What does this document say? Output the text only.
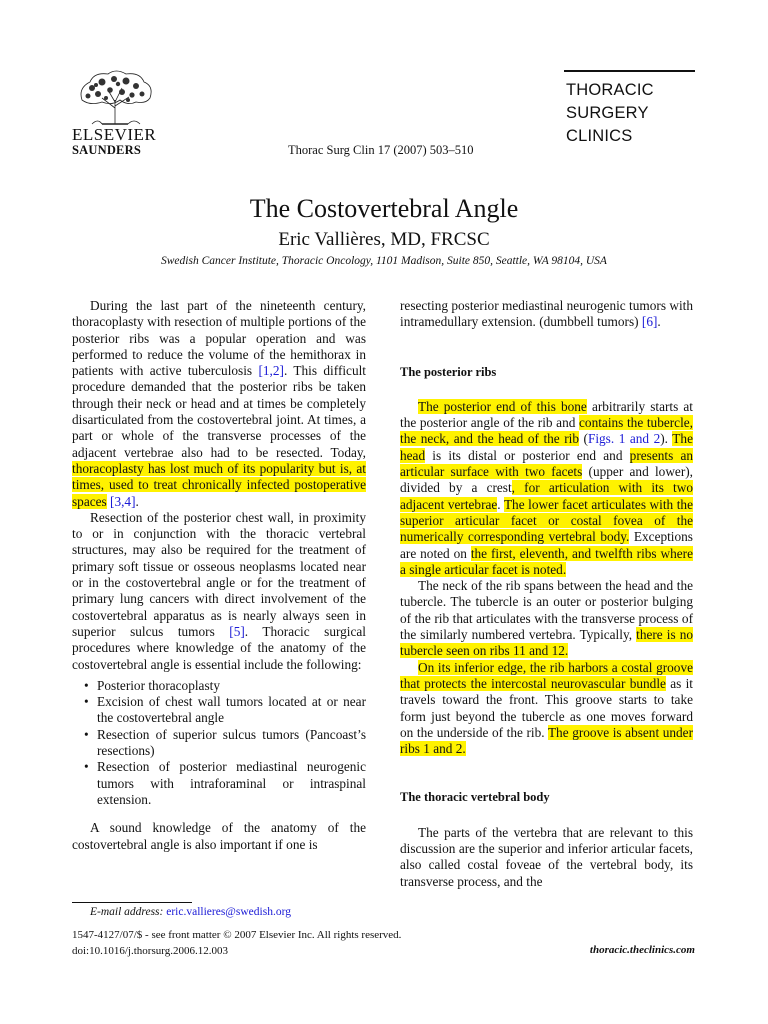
ELSEVIER
SAUNDERS	Thorac Surg Clin 17 (2007) 503–510
THORACIC
SURGERY
CLINICS
The Costovertebral Angle
Eric Vallières, MD, FRCSC
Swedish Cancer Institute, Thoracic Oncology, 1101 Madison, Suite 850, Seattle, WA 98104, USA

During the last part of the nineteenth century, thoracoplasty with resection of multiple portions of the posterior ribs was a popular operation and was performed to reduce the volume of the hemithorax in patients with active tuberculosis [1,2]. This difficult procedure demanded that the posterior ribs be taken through their neck or head and at times be completely disarticulated from the costovertebral joint. At times, a part or whole of the transverse processes of the adjacent vertebrae also had to be resected. Today, thoracoplasty has lost much of its popularity but is, at times, used to treat chronically infected postoperative spaces [3,4].

Resection of the posterior chest wall, in proximity to or in conjunction with the thoracic vertebral structures, may also be required for the treatment of primary soft tissue or osseous neoplasms located near or in the costovertebral angle or for the treatment of primary lung cancers with direct involvement of the costovertebral apparatus as is nearly always seen in superior sulcus tumors [5]. Thoracic surgical procedures where knowledge of the anatomy of the costovertebral angle is essential include the following:

• Posterior thoracoplasty
• Excision of chest wall tumors located at or near the costovertebral angle
• Resection of superior sulcus tumors (Pancoast’s resections)
• Resection of posterior mediastinal neurogenic tumors with intraforaminal or intraspinal extension.

A sound knowledge of the anatomy of the costovertebral angle is also important if one is

resecting posterior mediastinal neurogenic tumors with intramedullary extension. (dumbbell tumors) [6].

The posterior ribs

The posterior end of this bone arbitrarily starts at the posterior angle of the rib and contains the tubercle, the neck, and the head of the rib (Figs. 1 and 2). The head is its distal or posterior end and presents an articular surface with two facets (upper and lower), divided by a crest, for articulation with its two adjacent vertebrae. The lower facet articulates with the superior articular facet or costal fovea of the numerically corresponding vertebral body. Exceptions are noted on the first, eleventh, and twelfth ribs where a single articular facet is noted.

The neck of the rib spans between the head and the tubercle. The tubercle is an outer or posterior bulging of the rib that articulates with the transverse process of the similarly numbered vertebra. Typically, there is no tubercle seen on ribs 11 and 12.

On its inferior edge, the rib harbors a costal groove that protects the intercostal neurovascular bundle as it travels toward the front. This groove starts to take form just beyond the tubercle as one moves forward on the underside of the rib. The groove is absent under ribs 1 and 2.

The thoracic vertebral body

The parts of the vertebra that are relevant to this discussion are the superior and inferior articular facets, also called costal foveae of the vertebral body, its transverse process, and the

E-mail address: eric.vallieres@swedish.org
1547-4127/07/$ - see front matter © 2007 Elsevier Inc. All rights reserved.
doi:10.1016/j.thorsurg.2006.12.003	thoracic.theclinics.com
